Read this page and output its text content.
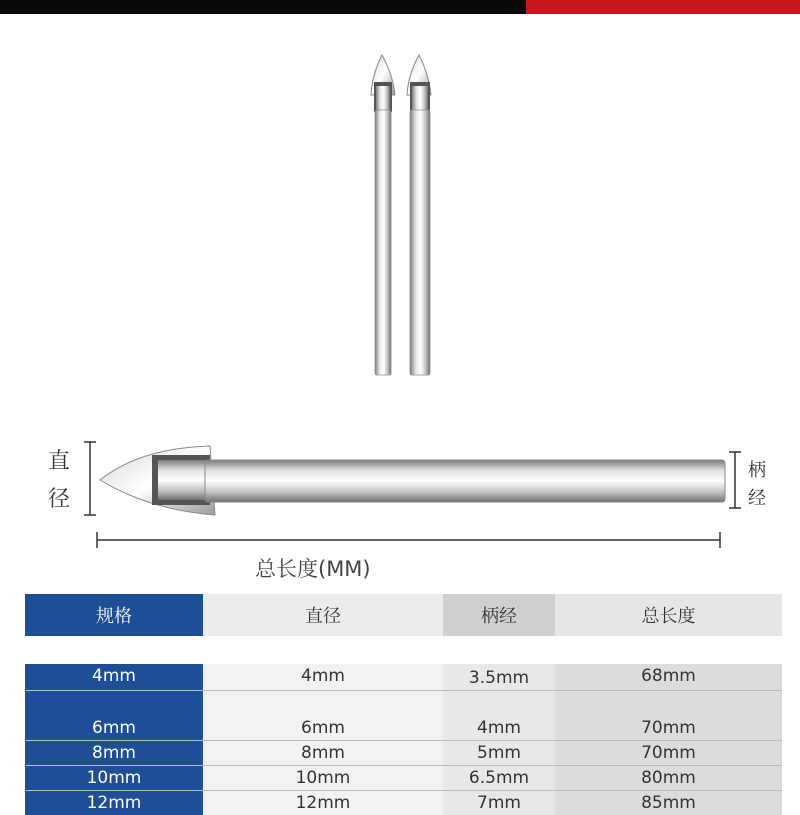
直
径
柄
经
总长度(MM)
规格	直径	柄经	总长度
4mm	4mm	3.5mm	68mm
6mm	6mm	4mm	70mm
8mm	8mm	5mm	70mm
10mm	10mm	6.5mm	80mm
12mm	12mm	7mm	85mm
